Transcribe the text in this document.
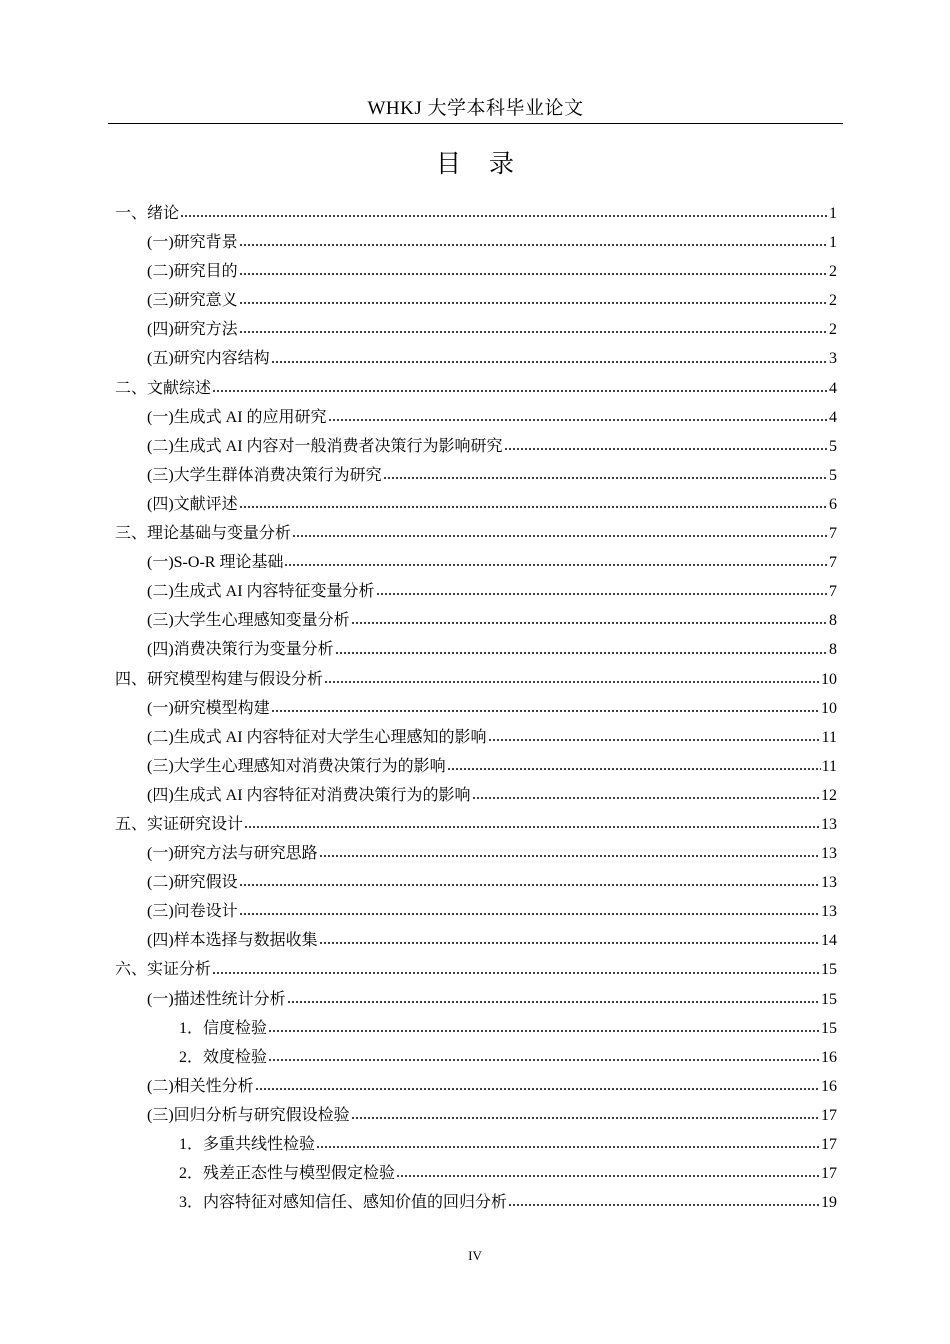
WHKJ 大学本科毕业论文
目录
一、绪论	1
(一)研究背景	1
(二)研究目的	2
(三)研究意义	2
(四)研究方法	2
(五)研究内容结构	3
二、文献综述	4
(一)生成式 AI 的应用研究	4
(二)生成式 AI 内容对一般消费者决策行为影响研究	5
(三)大学生群体消费决策行为研究	5
(四)文献评述	6
三、理论基础与变量分析	7
(一)S-O-R 理论基础	7
(二)生成式 AI 内容特征变量分析	7
(三)大学生心理感知变量分析	8
(四)消费决策行为变量分析	8
四、研究模型构建与假设分析	10
(一)研究模型构建	10
(二)生成式 AI 内容特征对大学生心理感知的影响	11
(三)大学生心理感知对消费决策行为的影响	11
(四)生成式 AI 内容特征对消费决策行为的影响	12
五、实证研究设计	13
(一)研究方法与研究思路	13
(二)研究假设	13
(三)问卷设计	13
(四)样本选择与数据收集	14
六、实证分析	15
(一)描述性统计分析	15
1．信度检验	15
2．效度检验	16
(二)相关性分析	16
(三)回归分析与研究假设检验	17
1．多重共线性检验	17
2．残差正态性与模型假定检验	17
3．内容特征对感知信任、感知价值的回归分析	19
IV
